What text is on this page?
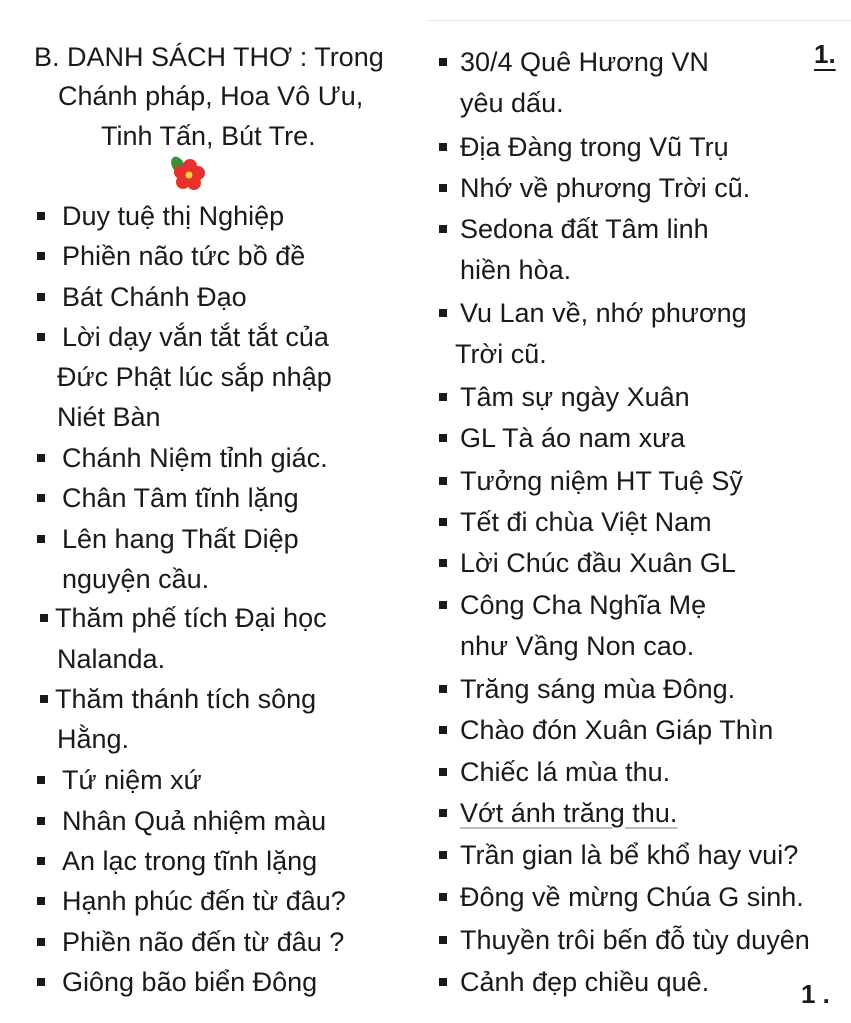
B. DANH SÁCH THƠ : Trong
Chánh pháp, Hoa Vô Ưu,
Tinh Tấn, Bút Tre.
Duy tuệ thị Nghiệp
Phiền não tức bồ đề
Bát Chánh Đạo
Lời dạy vắn tắt tắt của
Đức Phật lúc sắp nhập
Niét Bàn
Chánh Niệm tỉnh giác.
Chân Tâm tĩnh lặng
Lên hang Thất Diệp
nguyện cầu.
Thăm phế tích Đại học
Nalanda.
Thăm thánh tích sông
Hằng.
Tứ niệm xứ
Nhân Quả nhiệm màu
An lạc trong tĩnh lặng
Hạnh phúc đến từ đâu?
Phiền não đến từ đâu ?
Giông bão biển Đông
30/4 Quê Hương VN
yêu dấu.
Địa Đàng trong Vũ Trụ
Nhớ về phương Trời cũ.
Sedona đất Tâm linh
hiền hòa.
Vu Lan về, nhớ phương
Trời cũ.
Tâm sự ngày Xuân
GL Tà áo nam xưa
Tưởng niệm HT Tuệ Sỹ
Tết đi chùa Việt Nam
Lời Chúc đầu Xuân GL
Công Cha Nghĩa Mẹ
như Vầng Non cao.
Trăng sáng mùa Đông.
Chào đón Xuân Giáp Thìn
Chiếc lá mùa thu.
Vớt ánh trăng thu.
Trần gian là bể khổ hay vui?
Đông về mừng Chúa G sinh.
Thuyền trôi bến đỗ tùy duyên
Cảnh đẹp chiều quê.
1.
1 .
